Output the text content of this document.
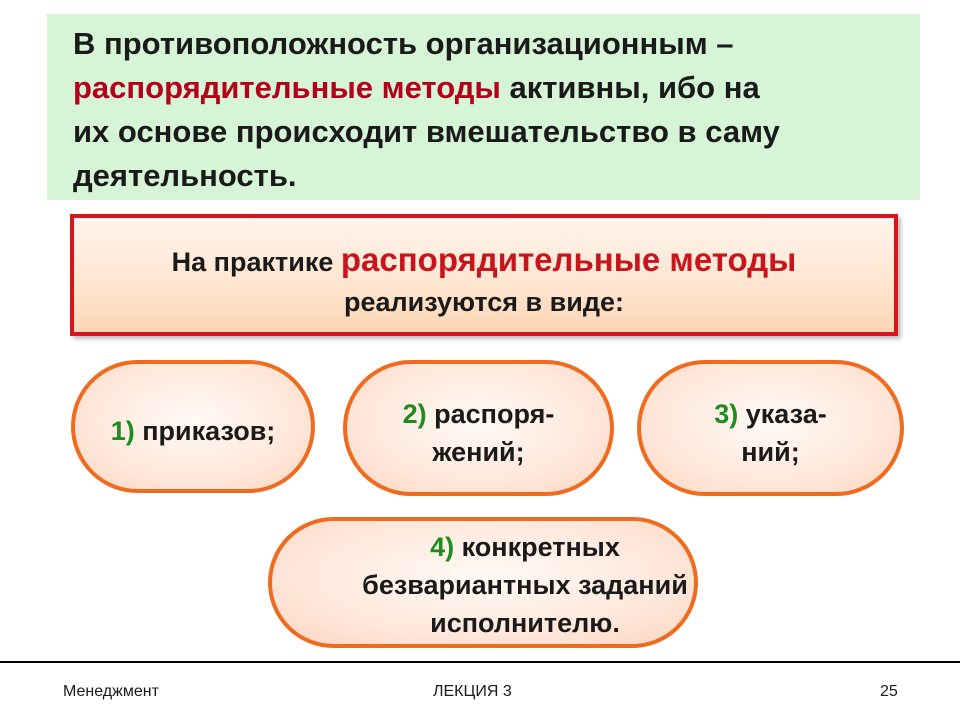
В противоположность организационным –
распорядительные методы активны, ибо на
их основе происходит вмешательство в саму
деятельность.
На практике распорядительные методы
реализуются в виде:
1) приказов;
2) распоря-
жений;
3) указа-
ний;
4) конкретных
безвариантных заданий
исполнителю.
Менеджмент	ЛЕКЦИЯ 3	25
